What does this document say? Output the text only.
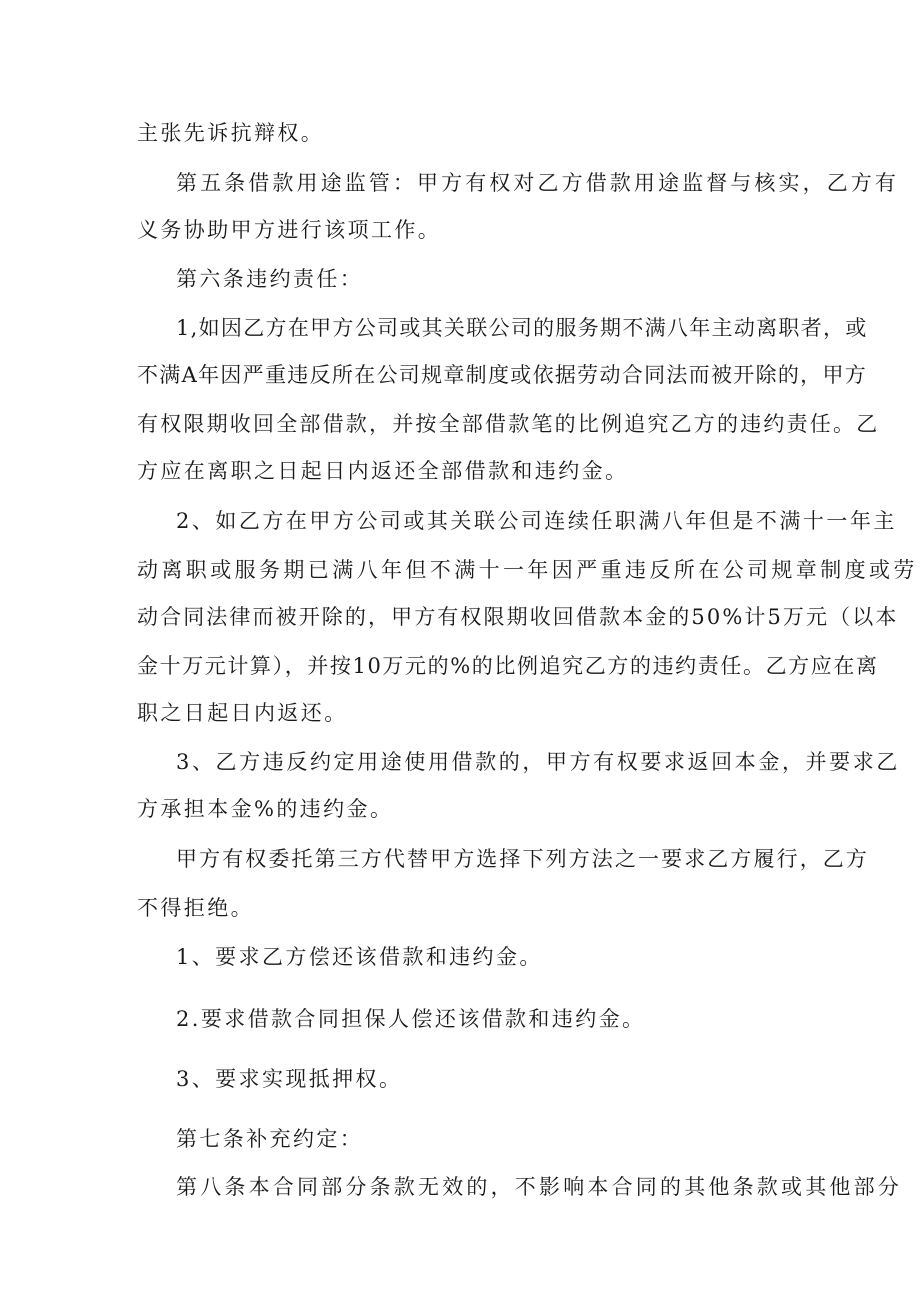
主张先诉抗辩权。
第五条借款用途监管：甲方有权对乙方借款用途监督与核实，乙方有
义务协助甲方进行该项工作。
第六条违约责任：
1,如因乙方在甲方公司或其关联公司的服务期不满八年主动离职者，或
不满A年因严重违反所在公司规章制度或依据劳动合同法而被开除的，甲方
有权限期收回全部借款，并按全部借款笔的比例追究乙方的违约责任。乙
方应在离职之日起日内返还全部借款和违约金。
2、如乙方在甲方公司或其关联公司连续任职满八年但是不满十一年主
动离职或服务期已满八年但不满十一年因严重违反所在公司规章制度或劳
动合同法律而被开除的，甲方有权限期收回借款本金的50%计5万元（以本
金十万元计算），并按10万元的%的比例追究乙方的违约责任。乙方应在离
职之日起日内返还。
3、乙方违反约定用途使用借款的，甲方有权要求返回本金，并要求乙
方承担本金%的违约金。
甲方有权委托第三方代替甲方选择下列方法之一要求乙方履行，乙方
不得拒绝。
1、要求乙方偿还该借款和违约金。
2.要求借款合同担保人偿还该借款和违约金。
3、要求实现抵押权。
第七条补充约定：
第八条本合同部分条款无效的，不影响本合同的其他条款或其他部分
